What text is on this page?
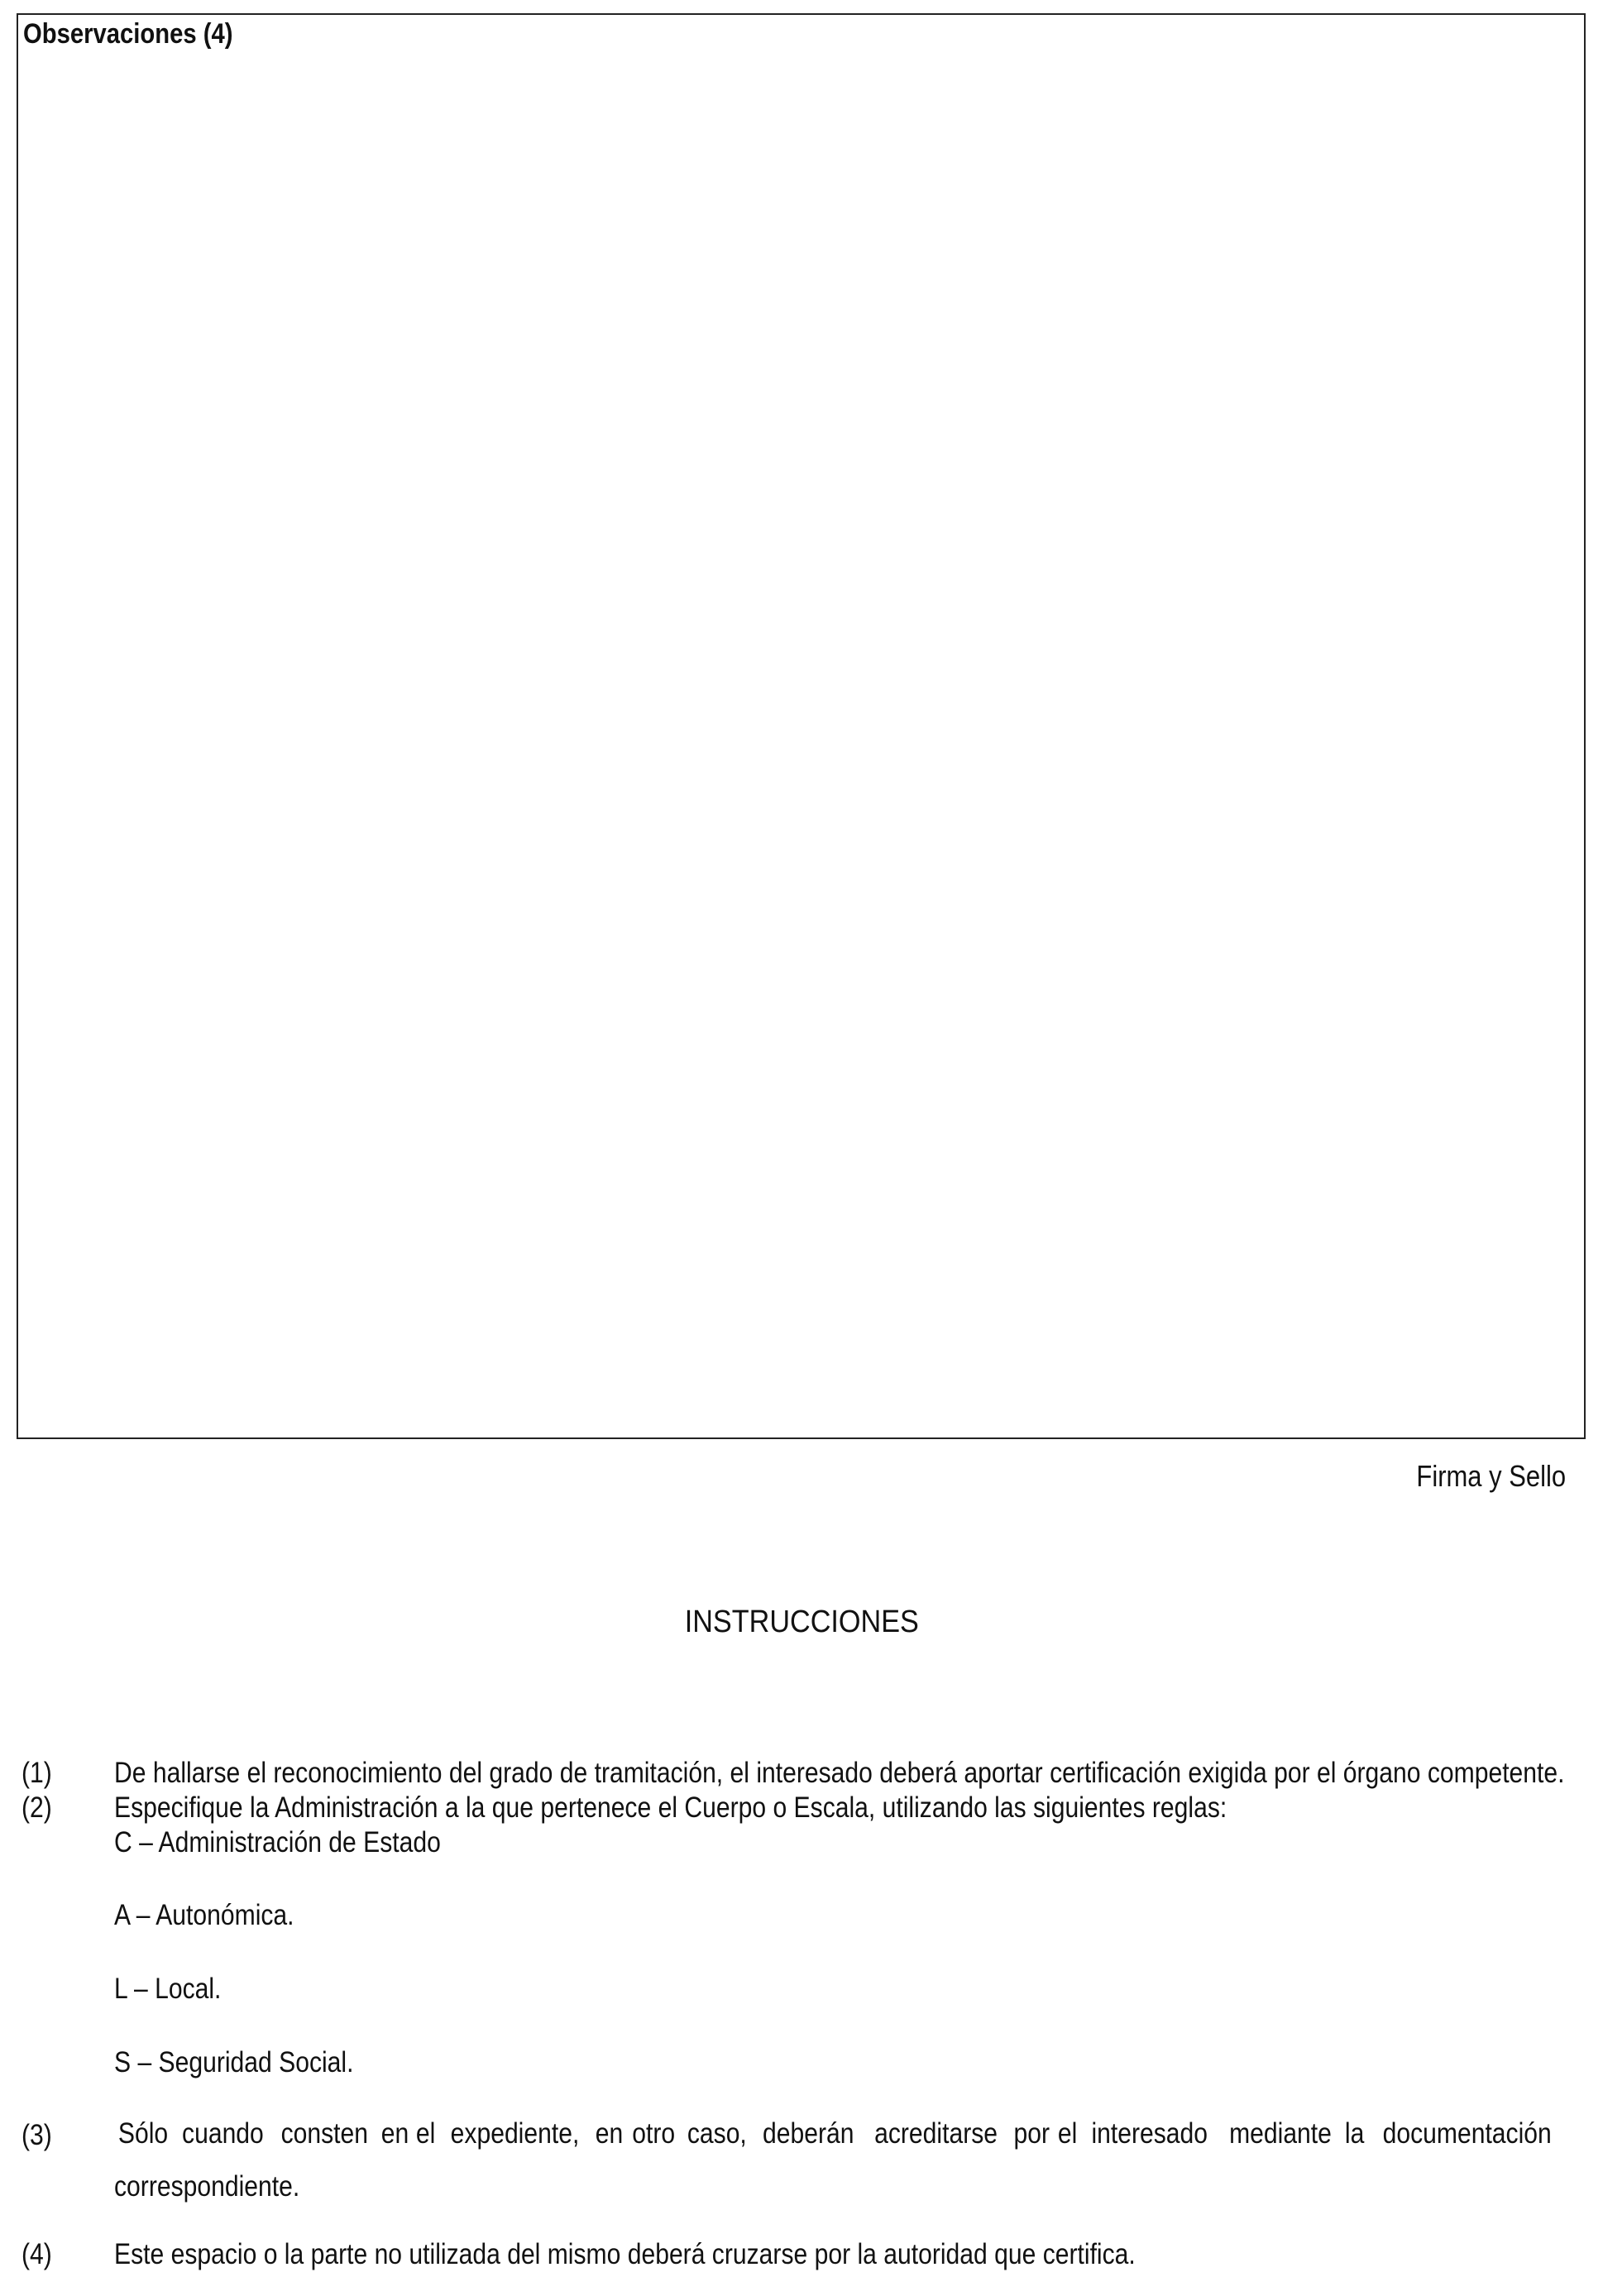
Observaciones (4)
Firma y Sello
INSTRUCCIONES
(1) De hallarse el reconocimiento del grado de tramitación, el interesado deberá aportar certificación exigida por el órgano competente.
(2) Especifique la Administración a la que pertenece el Cuerpo o Escala, utilizando las siguientes reglas:
C – Administración de Estado
A – Autonómica.
L – Local.
S – Seguridad Social.
(3) Sólo cuando consten en el expediente, en otro caso, deberán acreditarse por el interesado mediante la documentación
correspondiente.
(4) Este espacio o la parte no utilizada del mismo deberá cruzarse por la autoridad que certifica.
